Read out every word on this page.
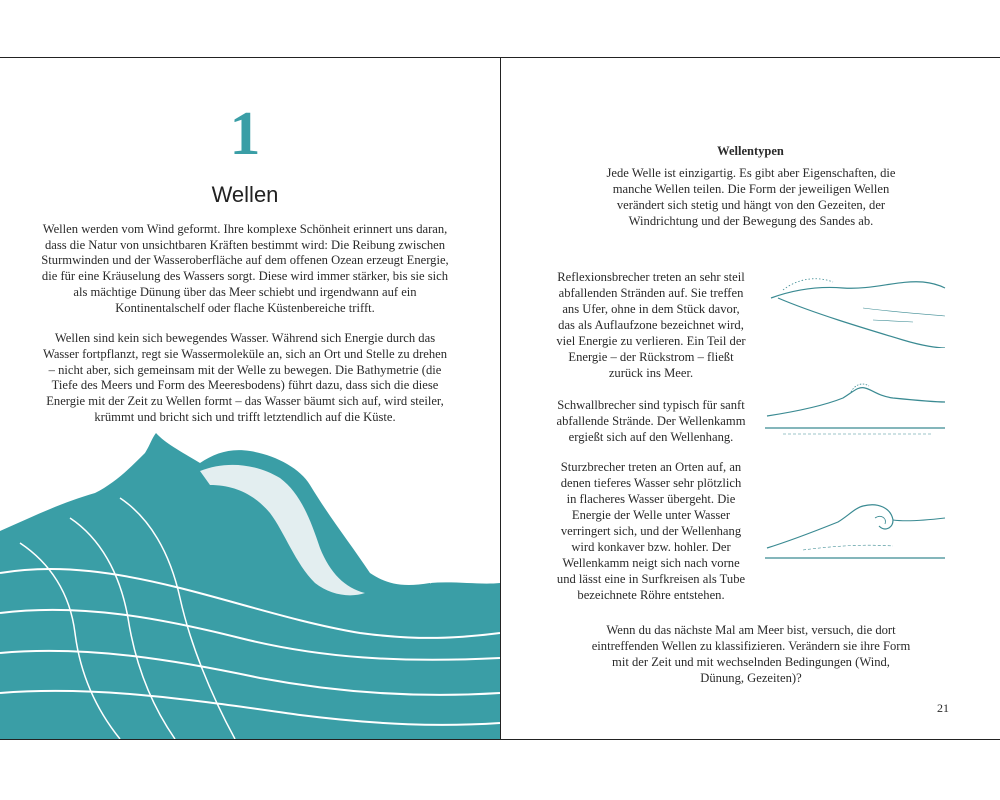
1
Wellen

Wellen werden vom Wind geformt. Ihre komplexe Schönheit erinnert uns daran, dass die Natur von unsichtbaren Kräften bestimmt wird: Die Reibung zwischen Sturmwinden und der Wasseroberfläche auf dem offenen Ozean erzeugt Energie, die für eine Kräuselung des Wassers sorgt. Diese wird immer stärker, bis sie sich als mächtige Dünung über das Meer schiebt und irgendwann auf ein Kontinentalschelf oder flache Küstenbereiche trifft.

Wellen sind kein sich bewegendes Wasser. Während sich Energie durch das Wasser fortpflanzt, regt sie Wassermoleküle an, sich an Ort und Stelle zu drehen – nicht aber, sich gemeinsam mit der Welle zu bewegen. Die Bathymetrie (die Tiefe des Meers und Form des Meeresbodens) führt dazu, dass sich die diese Energie mit der Zeit zu Wellen formt – das Wasser bäumt sich auf, wird steiler, krümmt und bricht sich und trifft letztendlich auf die Küste.

Wellentypen

Jede Welle ist einzigartig. Es gibt aber Eigenschaften, die manche Wellen teilen. Die Form der jeweiligen Wellen verändert sich stetig und hängt von den Gezeiten, der Windrichtung und der Bewegung des Sandes ab.

Reflexionsbrecher treten an sehr steil abfallenden Stränden auf. Sie treffen ans Ufer, ohne in dem Stück davor, das als Auflaufzone bezeichnet wird, viel Energie zu verlieren. Ein Teil der Energie – der Rückstrom – fließt zurück ins Meer.

Schwallbrecher sind typisch für sanft abfallende Strände. Der Wellenkamm ergießt sich auf den Wellenhang.

Sturzbrecher treten an Orten auf, an denen tieferes Wasser sehr plötzlich in flacheres Wasser übergeht. Die Energie der Welle unter Wasser verringert sich, und der Wellenhang wird konkaver bzw. hohler. Der Wellenkamm neigt sich nach vorne und lässt eine in Surfkreisen als Tube bezeichnete Röhre entstehen.

Wenn du das nächste Mal am Meer bist, versuch, die dort eintreffenden Wellen zu klassifizieren. Verändern sie ihre Form mit der Zeit und mit wechselnden Bedingungen (Wind, Dünung, Gezeiten)?

21
